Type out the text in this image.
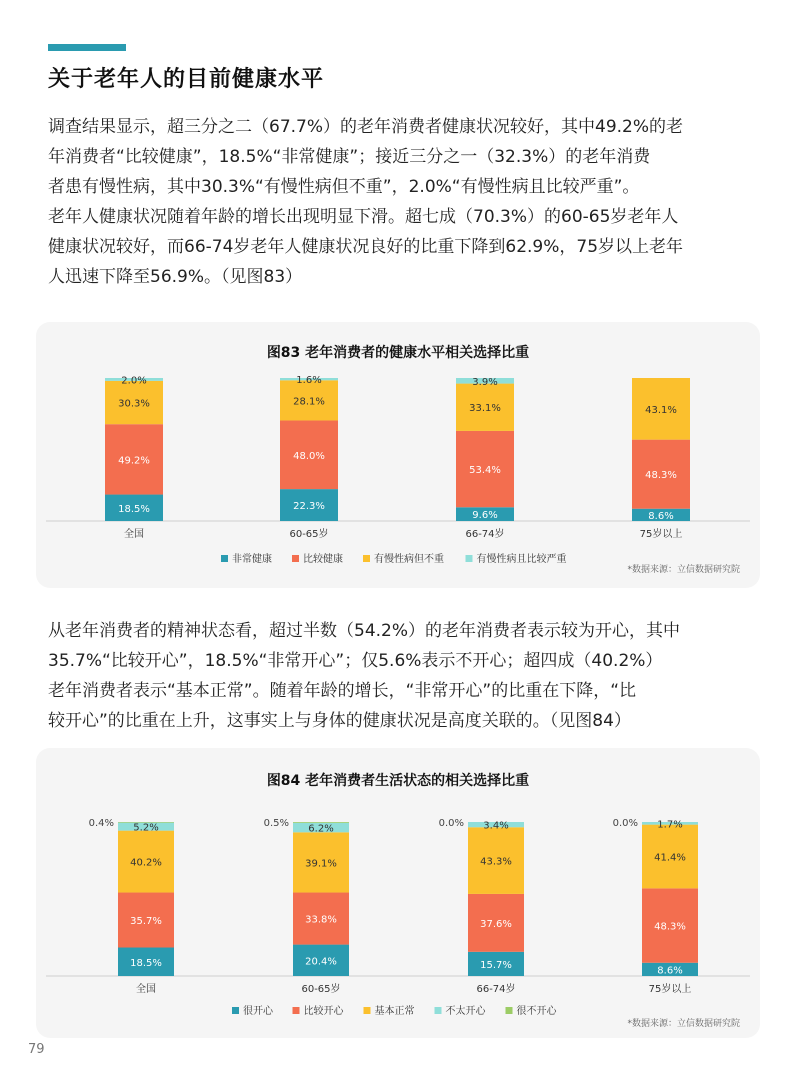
关于老年人的目前健康水平

调查结果显示，超三分之二（67.7%）的老年消费者健康状况较好，其中49.2%的老

年消费者“比较健康”，18.5%“非常健康”；接近三分之一（32.3%）的老年消费

者患有慢性病，其中30.3%“有慢性病但不重”，2.0%“有慢性病且比较严重”。

老年人健康状况随着年龄的增长出现明显下滑。超七成（70.3%）的60-65岁老年人

健康状况较好，而66-74岁老年人健康状况良好的比重下降到62.9%，75岁以上老年

人迅速下降至56.9%。（见图83）

图83 老年消费者的健康水平相关选择比重
18.5%
49.2%
30.3%
2.0%
全国
22.3%
48.0%
28.1%
1.6%
60-65岁
9.6%
53.4%
33.1%
3.9%
66-74岁
8.6%
48.3%
43.1%
75岁以上
非常健康	比较健康	有慢性病但不重	有慢性病且比较严重
*数据来源：立信数据研究院

从老年消费者的精神状态看，超过半数（54.2%）的老年消费者表示较为开心，其中

35.7%“比较开心”，18.5%“非常开心”；仅5.6%表示不开心；超四成（40.2%）

老年消费者表示“基本正常”。随着年龄的增长，“非常开心”的比重在下降，“比

较开心”的比重在上升，这事实上与身体的健康状况是高度关联的。（见图84）

图84 老年消费者生活状态的相关选择比重
18.5%
35.7%
40.2%
5.2%
0.4%
全国
20.4%
33.8%
39.1%
6.2%
0.5%
60-65岁
15.7%
37.6%
43.3%
3.4%
0.0%
66-74岁
8.6%
48.3%
41.4%
1.7%
0.0%
75岁以上
很开心	比较开心	基本正常	不太开心	很不开心
*数据来源：立信数据研究院
79
